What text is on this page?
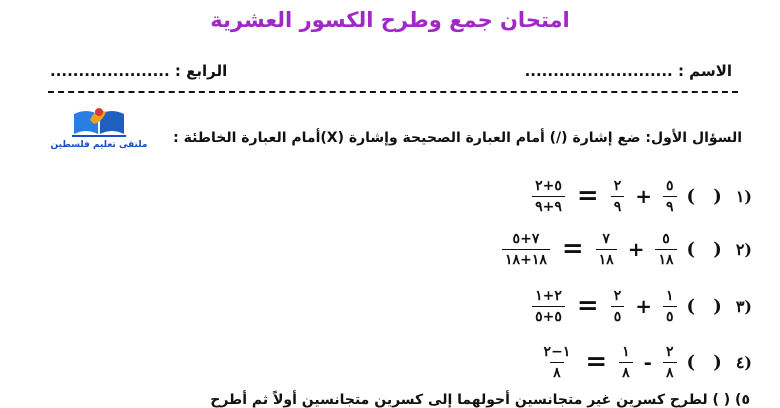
امتحان جمع وطرح الكسور العشرية
الاسم : ..........................
الرابع : .....................
ملتقى تعليم فلسطين	السؤال الأول: ضع إشارة (/) أمام العبارة الصحيحة وإشارة (X)أمام العبارة الخاطئة :
١)
( )
$\frac{٥}{٩}$
+
$\frac{٢}{٩}$
=
$\frac{٥+٢}{٩+٩}$
٢)
( )
$\frac{٥}{١٨}$
+
$\frac{٧}{١٨}$
=
$\frac{٧+٥}{١٨+١٨}$
٣)
( )
$\frac{١}{٥}$
+
$\frac{٢}{٥}$
=
$\frac{٢+١}{٥+٥}$
٤)
( )
$\frac{٢}{٨}$
-
$\frac{١}{٨}$
=
$\frac{١-٢}{٨}$
٥) ( ) لطرح كسرين غير متجانسين أحولهما إلى كسرين متجانسين أولاً ثم أطرح
